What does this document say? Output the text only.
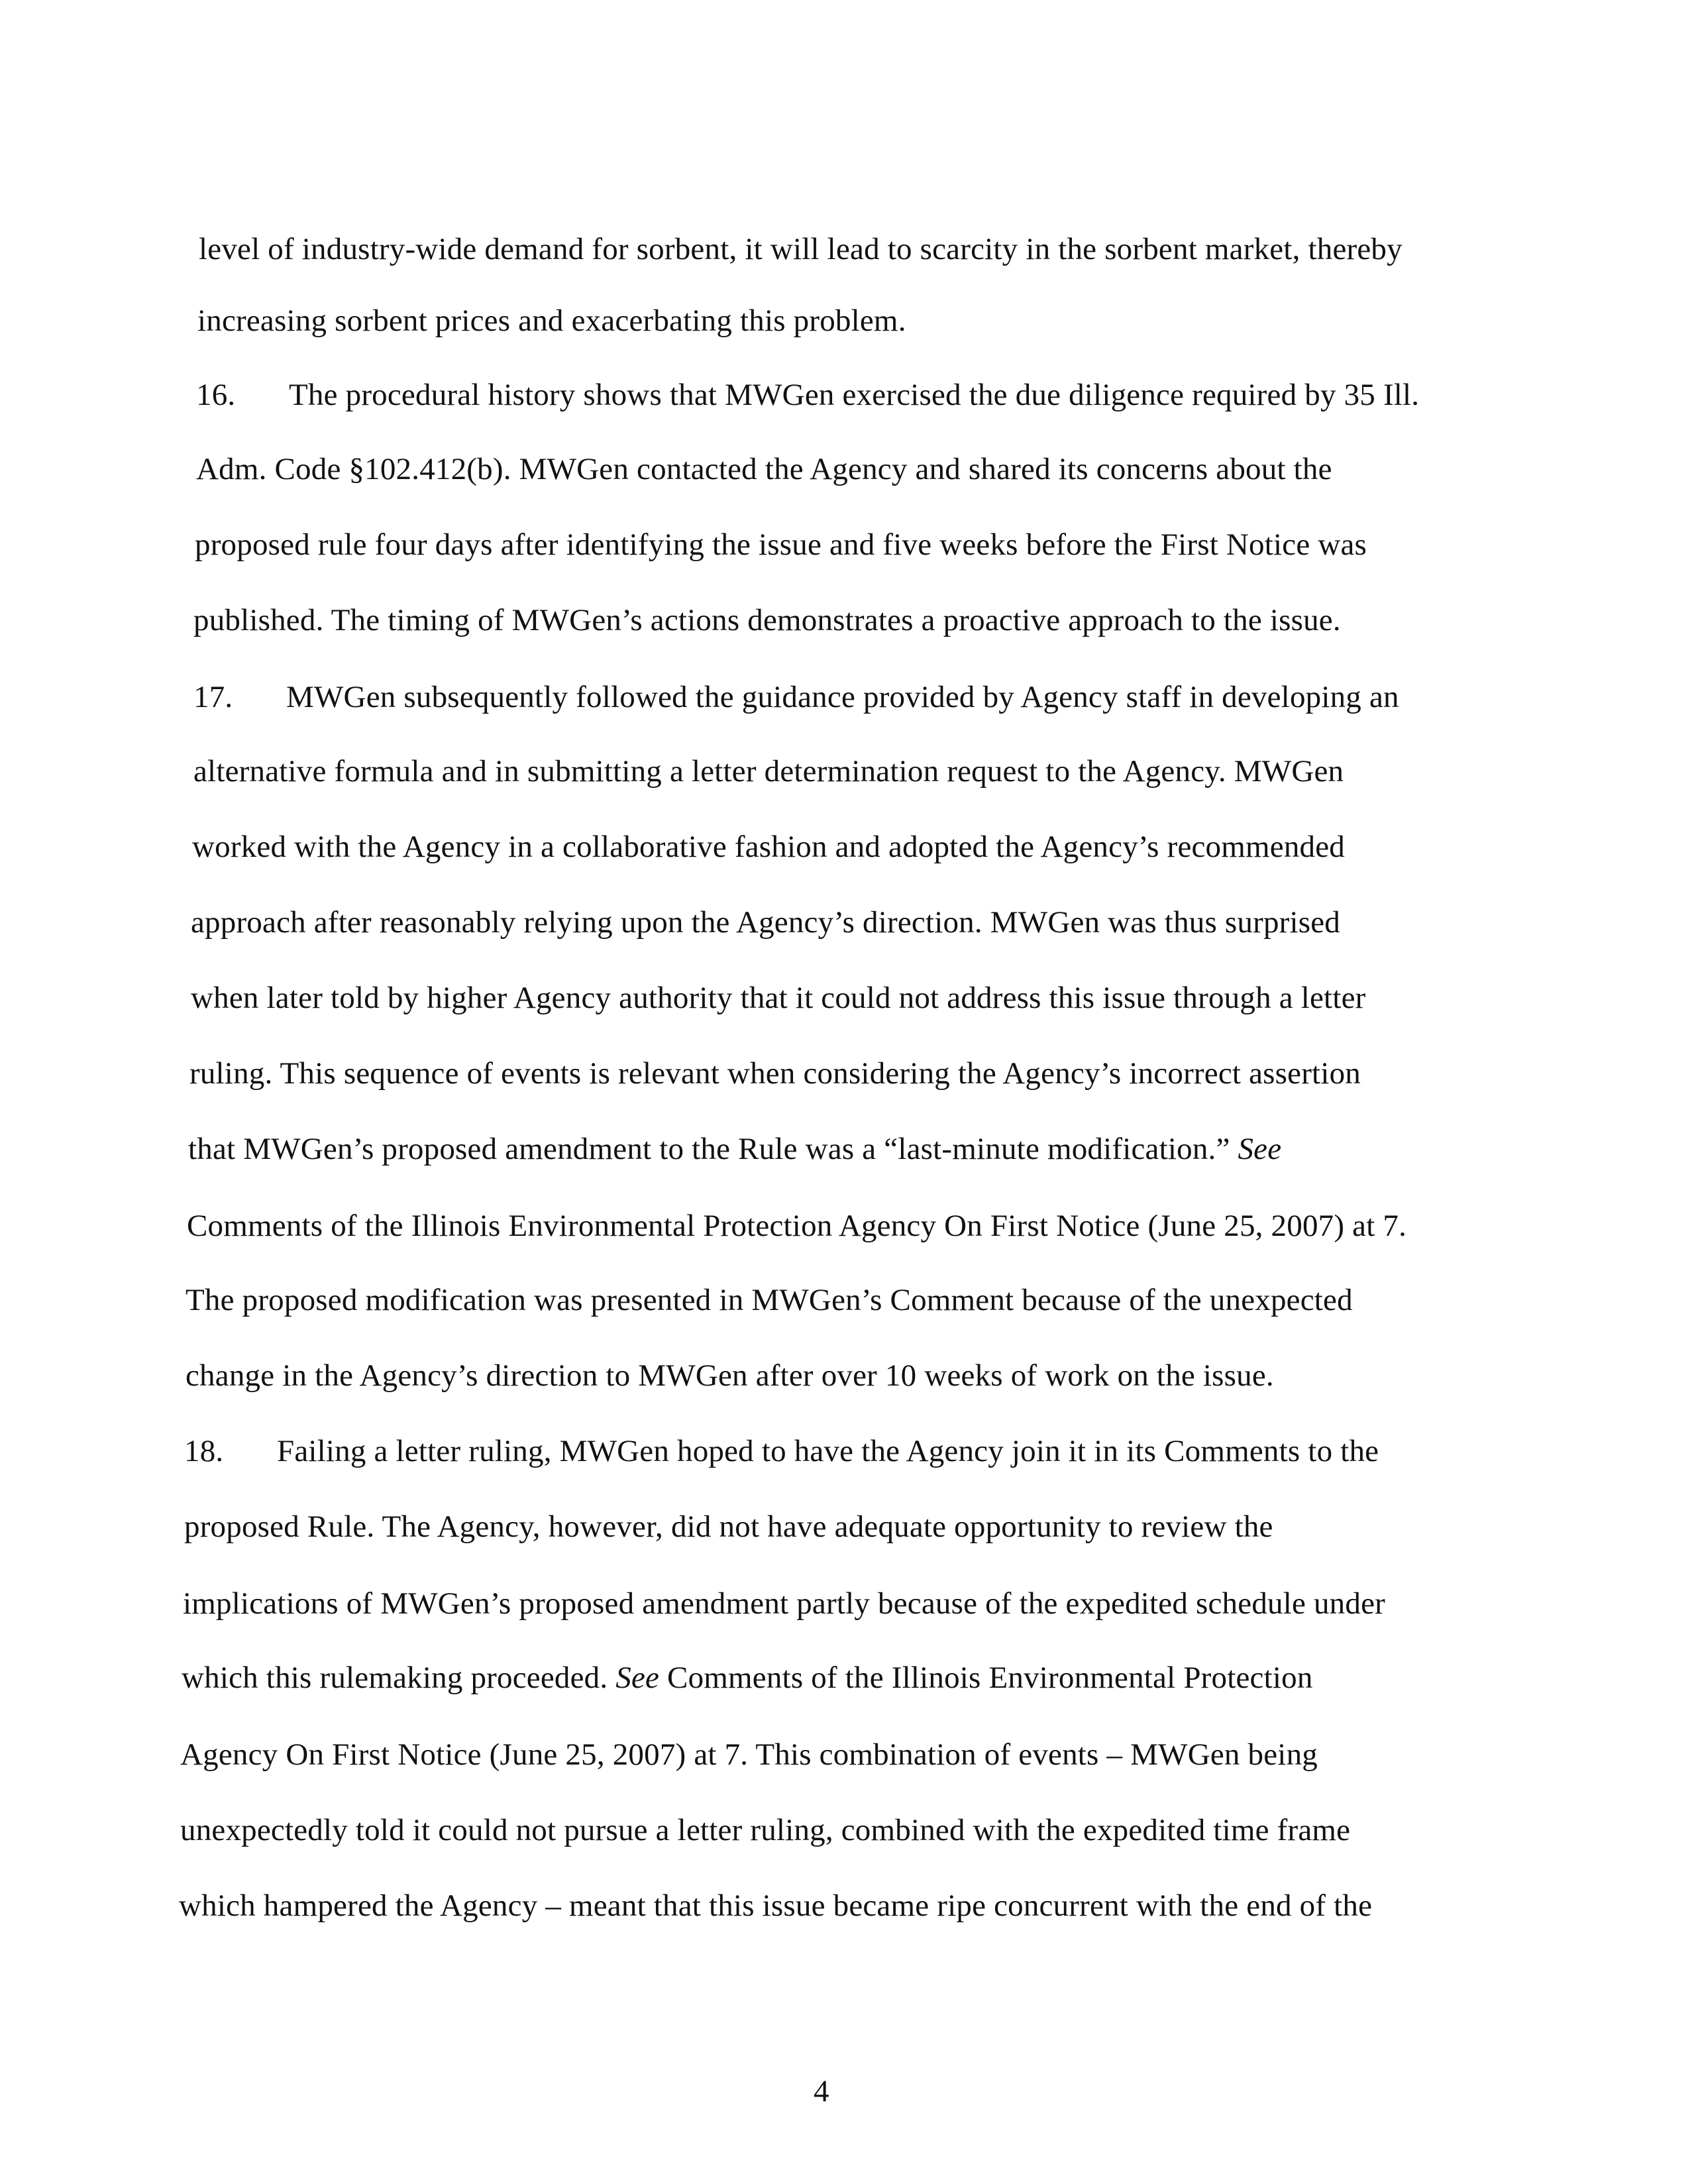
level of industry-wide demand for sorbent, it will lead to scarcity in the sorbent market, thereby
increasing sorbent prices and exacerbating this problem.
16. The procedural history shows that MWGen exercised the due diligence required by 35 Ill.
Adm. Code §102.412(b). MWGen contacted the Agency and shared its concerns about the
proposed rule four days after identifying the issue and five weeks before the First Notice was
published. The timing of MWGen’s actions demonstrates a proactive approach to the issue.
17. MWGen subsequently followed the guidance provided by Agency staff in developing an
alternative formula and in submitting a letter determination request to the Agency. MWGen
worked with the Agency in a collaborative fashion and adopted the Agency’s recommended
approach after reasonably relying upon the Agency’s direction. MWGen was thus surprised
when later told by higher Agency authority that it could not address this issue through a letter
ruling. This sequence of events is relevant when considering the Agency’s incorrect assertion
that MWGen’s proposed amendment to the Rule was a “last-minute modification.” See
Comments of the Illinois Environmental Protection Agency On First Notice (June 25, 2007) at 7.
The proposed modification was presented in MWGen’s Comment because of the unexpected
change in the Agency’s direction to MWGen after over 10 weeks of work on the issue.
18. Failing a letter ruling, MWGen hoped to have the Agency join it in its Comments to the
proposed Rule. The Agency, however, did not have adequate opportunity to review the
implications of MWGen’s proposed amendment partly because of the expedited schedule under
which this rulemaking proceeded. See Comments of the Illinois Environmental Protection
Agency On First Notice (June 25, 2007) at 7. This combination of events – MWGen being
unexpectedly told it could not pursue a letter ruling, combined with the expedited time frame
which hampered the Agency – meant that this issue became ripe concurrent with the end of the
4
